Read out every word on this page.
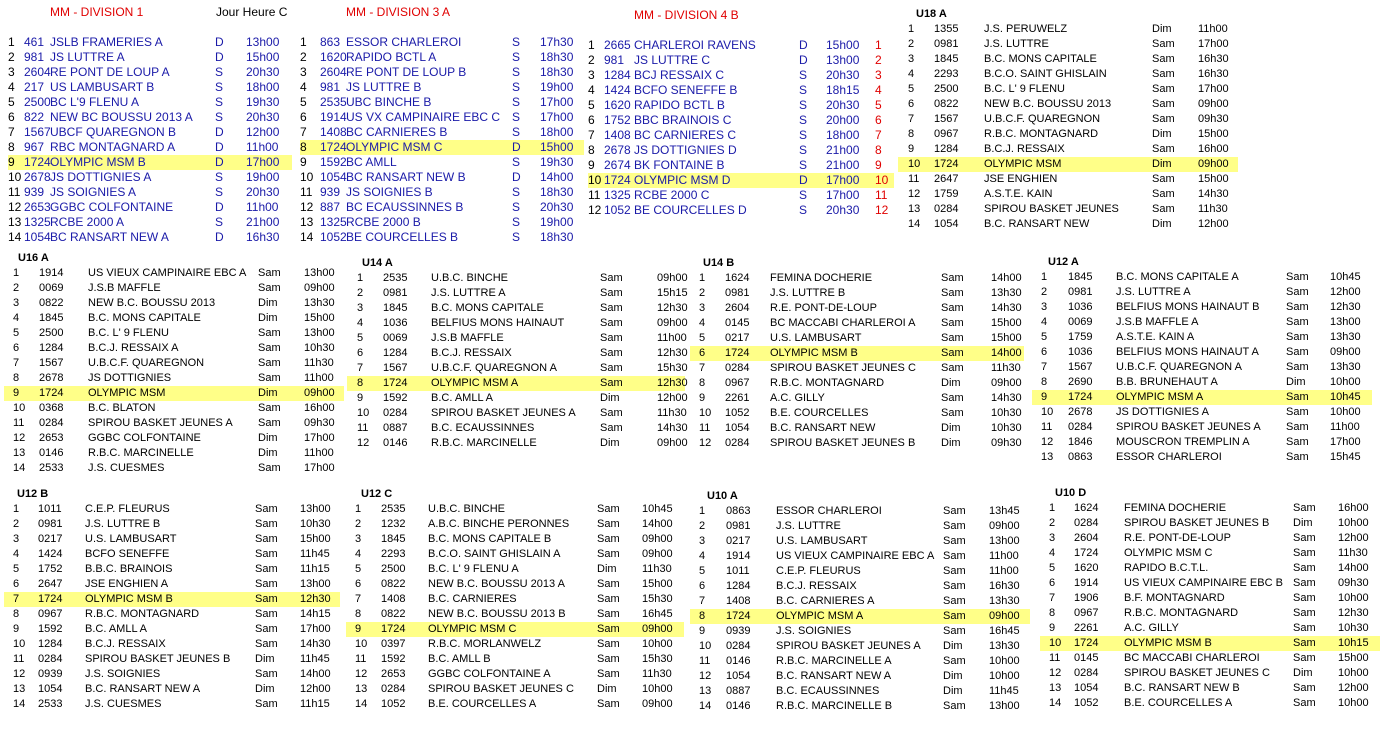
MM - DIVISION 1	Jour Heure C
1 461 JSLB FRAMERIES A	D 13h00
2 981 JS LUTTRE A	D 15h00
3 2604 RE PONT DE LOUP A	S 20h30
4 217 US LAMBUSART B	S 18h00
5 2500 BC L'9 FLENU A	S 19h30
6 822 NEW BC BOUSSU 2013 A S 20h30
7 1567 UBCF QUAREGNON B	D 12h00
8 967 RBC MONTAGNARD A	D 11h00
9 1724 OLYMPIC MSM B	D 17h00
10 2678 JS DOTTIGNIES A	S 19h00
11 939 JS SOIGNIES A	S 20h30
12 2653 GGBC COLFONTAINE	D 11h00
13 1325 RCBE 2000 A	S 21h00
14 1054 BC RANSART NEW A	D 16h30
MM - DIVISION 3 A
1 863 ESSOR CHARLEROI	S 17h30
2 1620 RAPIDO BCTL A	S 18h30
3 2604 RE PONT DE LOUP B	S 18h30
4 981 JS LUTTRE B	S 19h00
5 2535 UBC BINCHE B	S 17h00
6 1914 US VX CAMPINAIRE EBC C S 17h00
7 1408 BC CARNIERES B	S 18h00
8 1724 OLYMPIC MSM C	D 15h00
9 1592 BC AMLL	S 19h30
10 1054 BC RANSART NEW B	D 14h00
11 939 JS SOIGNIES B	S 18h30
12 887 BC ECAUSSINNES B	S 20h30
13 1325 RCBE 2000 B	S 19h00
14 1052 BE COURCELLES B	S 18h30
MM - DIVISION 4 B
1 2665 CHARLEROI RAVENS	D 15h00 1
2 981 JS LUTTRE C	D 13h00 2
3 1284 BCJ RESSAIX C	S 20h30 3
4 1424 BCFO SENEFFE B	S 18h15 4
5 1620 RAPIDO BCTL B	S 20h30 5
6 1752 BBC BRAINOIS C	S 20h00 6
7 1408 BC CARNIERES C	S 18h00 7
8 2678 JS DOTTIGNIES D	S 21h00 8
9 2674 BK FONTAINE B	S 21h00 9
10 1724 OLYMPIC MSM D	D 17h00 10
11 1325 RCBE 2000 C	S 17h00 11
12 1052 BE COURCELLES D	S 20h30 12
U18 A
1 1355 J.S. PERUWELZ	Dim 11h00
2 0981 J.S. LUTTRE	Sam 17h00
3 1845 B.C. MONS CAPITALE	Sam 16h30
4 2293 B.C.O. SAINT GHISLAIN	Sam 16h30
5 2500 B.C. L' 9 FLENU	Sam 17h00
6 0822 NEW B.C. BOUSSU 2013	Sam 09h00
7 1567 U.B.C.F. QUAREGNON	Sam 09h30
8 0967 R.B.C. MONTAGNARD	Dim 15h00
9 1284 B.C.J. RESSAIX	Sam 16h00
10 1724 OLYMPIC MSM	Dim 09h00
11 2647 JSE ENGHIEN	Sam 15h00
12 1759 A.S.T.E. KAIN	Sam 14h30
13 0284 SPIROU BASKET JEUNES	Sam 11h30
14 1054 B.C. RANSART NEW	Dim 12h00
U16 A
1 1914 US VIEUX CAMPINAIRE EBC A Sam 13h00
2 0069 J.S.B MAFFLE	Sam 09h00
3 0822 NEW B.C. BOUSSU 2013	Dim 13h30
4 1845 B.C. MONS CAPITALE	Dim 15h00
5 2500 B.C. L' 9 FLENU	Sam 13h00
6 1284 B.C.J. RESSAIX A	Sam 10h30
7 1567 U.B.C.F. QUAREGNON	Sam 11h30
8 2678 JS DOTTIGNIES	Sam 11h00
9 1724 OLYMPIC MSM	Dim 09h00
10 0368 B.C. BLATON	Sam 16h00
11 0284 SPIROU BASKET JEUNES A Sam 09h30
12 2653 GGBC COLFONTAINE	Dim 17h00
13 0146 R.B.C. MARCINELLE	Dim 11h00
14 2533 J.S. CUESMES	Sam 17h00
U14 A
1 2535 U.B.C. BINCHE	Sam	09h00
2 0981 J.S. LUTTRE A	Sam	15h15
3 1845 B.C. MONS CAPITALE	Sam	12h30
4 1036 BELFIUS MONS HAINAUT	Sam	09h00
5 0069 J.S.B MAFFLE	Sam	11h00
6 1284 B.C.J. RESSAIX	Sam	12h30
7 1567 U.B.C.F. QUAREGNON A	Sam	15h30
8 1724 OLYMPIC MSM A	Sam	12h30
9 1592 B.C. AMLL A	Dim	12h00
10 0284 SPIROU BASKET JEUNES A Sam	11h30
11 0887 B.C. ECAUSSINNES	Sam	14h30
12 0146 R.B.C. MARCINELLE	Dim	09h00
U14 B
1 1624 FEMINA DOCHERIE	Sam 14h00
2 0981 J.S. LUTTRE B	Sam 13h30
3 2604 R.E. PONT-DE-LOUP	Sam 14h30
4 0145 BC MACCABI CHARLEROI A Sam 15h00
5 0217 U.S. LAMBUSART	Sam 15h00
6 1724 OLYMPIC MSM B	Sam 14h00
7 0284 SPIROU BASKET JEUNES C Sam 11h30
8 0967 R.B.C. MONTAGNARD	Dim	09h00
9 2261 A.C. GILLY	Sam 14h30
10 1052 B.E. COURCELLES	Sam 10h30
11 1054 B.C. RANSART NEW	Dim	10h30
12 0284 SPIROU BASKET JEUNES B Dim	09h30
U12 A
1 1845 B.C. MONS CAPITALE A	Sam 10h45
2 0981 J.S. LUTTRE A	Sam 12h00
3 1036 BELFIUS MONS HAINAUT B Sam 12h30
4 0069 J.S.B MAFFLE A	Sam 13h00
5 1759 A.S.T.E. KAIN A	Sam 13h30
6 1036 BELFIUS MONS HAINAUT A Sam 09h00
7 1567 U.B.C.F. QUAREGNON A	Sam 13h30
8 2690 B.B. BRUNEHAUT A	Dim 10h00
9 1724 OLYMPIC MSM A	Sam 10h45
10 2678 JS DOTTIGNIES A	Sam 10h00
11 0284 SPIROU BASKET JEUNES A Sam 11h00
12 1846 MOUSCRON TREMPLIN A	Sam 17h00
13 0863 ESSOR CHARLEROI	Sam 15h45
U12 B
1 1011 C.E.P. FLEURUS	Sam 13h00
2 0981 J.S. LUTTRE B	Sam 10h30
3 0217 U.S. LAMBUSART	Sam 15h00
4 1424 BCFO SENEFFE	Sam 11h45
5 1752 B.B.C. BRAINOIS	Sam 11h15
6 2647 JSE ENGHIEN A	Sam 13h00
7 1724 OLYMPIC MSM B	Sam 12h30
8 0967 R.B.C. MONTAGNARD	Sam 14h15
9 1592 B.C. AMLL A	Sam 17h00
10 1284 B.C.J. RESSAIX	Sam 14h30
11 0284 SPIROU BASKET JEUNES B Dim 11h45
12 0939 J.S. SOIGNIES	Sam 14h00
13 1054 B.C. RANSART NEW A	Dim 12h00
14 2533 J.S. CUESMES	Sam 11h15
U12 C
1 2535 U.B.C. BINCHE	Sam 10h45
2 1232 A.B.C. BINCHE PERONNES	Sam 14h00
3 1845 B.C. MONS CAPITALE B	Sam 09h00
4 2293 B.C.O. SAINT GHISLAIN A	Sam 09h00
5 2500 B.C. L' 9 FLENU A	Dim 11h30
6 0822 NEW B.C. BOUSSU 2013 A	Sam 15h00
7 1408 B.C. CARNIERES	Sam 15h30
8 0822 NEW B.C. BOUSSU 2013 B	Sam 16h45
9 1724 OLYMPIC MSM C	Sam 09h00
10 0397 R.B.C. MORLANWELZ	Sam 10h00
11 1592 B.C. AMLL B	Sam 15h30
12 2653 GGBC COLFONTAINE A	Sam 11h30
13 0284 SPIROU BASKET JEUNES C Dim 10h00
14 1052 B.E. COURCELLES A	Sam 09h00
U10 A
1 0863 ESSOR CHARLEROI	Sam 13h45
2 0981 J.S. LUTTRE	Sam 09h00
3 0217 U.S. LAMBUSART	Sam 13h00
4 1914 US VIEUX CAMPINAIRE EBC A Sam 11h00
5 1011 C.E.P. FLEURUS	Sam 11h00
6 1284 B.C.J. RESSAIX	Sam 16h30
7 1408 B.C. CARNIERES A	Sam 13h30
8 1724 OLYMPIC MSM A	Sam 09h00
9 0939 J.S. SOIGNIES	Sam 16h45
10 0284 SPIROU BASKET JEUNES A Dim 13h30
11 0146 R.B.C. MARCINELLE A	Sam 10h00
12 1054 B.C. RANSART NEW A	Dim 10h00
13 0887 B.C. ECAUSSINNES	Dim 11h45
14 0146 R.B.C. MARCINELLE B	Sam 13h00
U10 D
1 1624 FEMINA DOCHERIE	Sam 16h00
2 0284 SPIROU BASKET JEUNES B Dim 10h00
3 2604 R.E. PONT-DE-LOUP	Sam 12h00
4 1724 OLYMPIC MSM C	Sam 11h30
5 1620 RAPIDO B.C.T.L.	Sam 14h00
6 1914 US VIEUX CAMPINAIRE EBC B Sam 09h30
7 1906 B.F. MONTAGNARD	Sam 10h00
8 0967 R.B.C. MONTAGNARD	Sam 12h30
9 2261 A.C. GILLY	Sam 10h30
10 1724 OLYMPIC MSM B	Sam 10h15
11 0145 BC MACCABI CHARLEROI	Sam 15h00
12 0284 SPIROU BASKET JEUNES C Dim 10h00
13 1054 B.C. RANSART NEW B	Sam 12h00
14 1052 B.E. COURCELLES A	Sam 10h00
